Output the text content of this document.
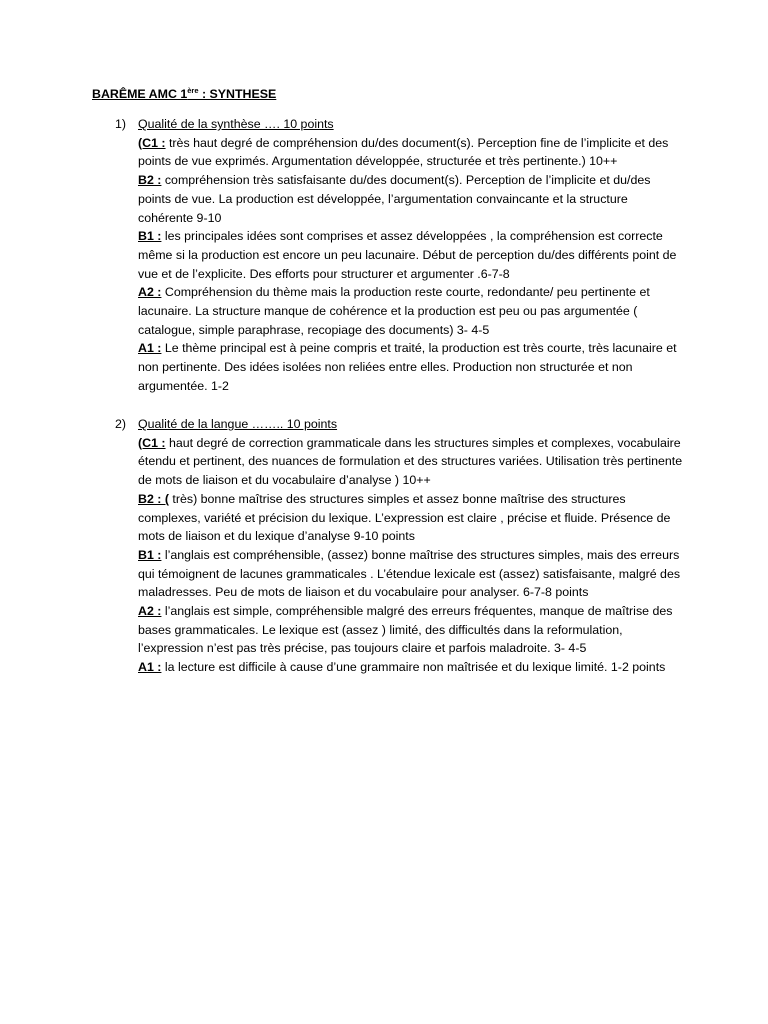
BARÊME AMC 1ère : SYNTHESE
1) Qualité de la synthèse …. 10 points
(C1 : très haut degré de compréhension du/des document(s). Perception fine de l’implicite et des points de vue exprimés. Argumentation développée, structurée et très pertinente.) 10++
B2 : compréhension très satisfaisante du/des document(s). Perception de l’implicite et du/des points de vue. La production est développée, l’argumentation convaincante et la structure cohérente 9-10
B1 : les principales idées sont comprises et assez développées , la compréhension est correcte même si la production est encore un peu lacunaire. Début de perception du/des différents point de vue et de l’explicite. Des efforts pour structurer et argumenter .6-7-8
A2 : Compréhension du thème mais la production reste courte, redondante/ peu pertinente et lacunaire. La structure manque de cohérence et la production est peu ou pas argumentée ( catalogue, simple paraphrase, recopiage des documents) 3- 4-5
A1 : Le thème principal est à peine compris et traité, la production est très courte, très lacunaire et non pertinente. Des idées isolées non reliées entre elles. Production non structurée et non argumentée. 1-2
2) Qualité de la langue …….. 10 points
(C1 : haut degré de correction grammaticale dans les structures simples et complexes, vocabulaire étendu et pertinent, des nuances de formulation et des structures variées. Utilisation très pertinente de mots de liaison et du vocabulaire d’analyse ) 10++
B2 : ( très) bonne maîtrise des structures simples et assez bonne maîtrise des structures complexes, variété et précision du lexique. L’expression est claire , précise et fluide. Présence de mots de liaison et du lexique d’analyse 9-10 points
B1 : l’anglais est compréhensible, (assez) bonne maîtrise des structures simples, mais des erreurs qui témoignent de lacunes grammaticales . L’étendue lexicale est (assez) satisfaisante, malgré des maladresses. Peu de mots de liaison et du vocabulaire pour analyser. 6-7-8 points
A2 : l’anglais est simple, compréhensible malgré des erreurs fréquentes, manque de maîtrise des bases grammaticales. Le lexique est (assez ) limité, des difficultés dans la reformulation, l’expression n’est pas très précise, pas toujours claire et parfois maladroite. 3- 4-5
A1 : la lecture est difficile à cause d’une grammaire non maîtrisée et du lexique limité. 1-2 points
